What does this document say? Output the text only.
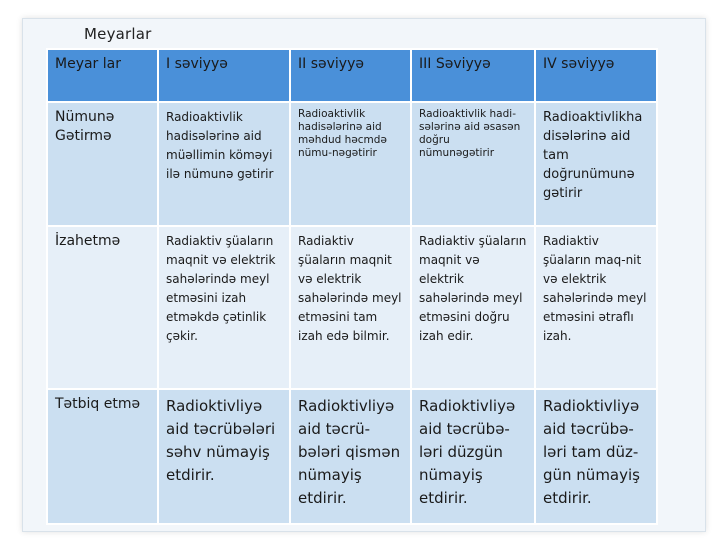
Meyarlar
Meyar lar	I səviyyə	II səviyyə	III Səviyyə	IV səviyyə
Nümunə Gətirmə	Radioaktivlik hadisələrinə aid müəllimin köməyi ilə nümunə gətirir	Radioaktivlik hadisələrinə aid məhdud həcmdə nümu-nəgətirir	Radioaktivlik hadi-sələrinə aid əsasən doğru nümunəgətirir	Radioaktivlikha disələrinə aid tam doğrunümunə gətirir
İzahetmə	Radiaktiv şüaların maqnit və elektrik sahələrində meyl etməsini izah etməkdə çətinlik çəkir.	Radiaktiv şüaların maqnit və elektrik sahələrində meyl etməsini tam izah edə bilmir.	Radiaktiv şüaların maqnit və elektrik sahələrində meyl etməsini doğru izah edir.	Radiaktiv şüaların maq-nit və elektrik sahələrində meyl etməsini ətraflı izah.
Tətbiq etmə	Radioktivliyə aid təcrübələri səhv nümayiş etdirir.	Radioktivliyə aid təcrü-bələri qismən nümayiş etdirir.	Radioktivliyə aid təcrübə-ləri düzgün nümayiş etdirir.	Radioktivliyə aid təcrübə-ləri tam düz-gün nümayiş etdirir.
